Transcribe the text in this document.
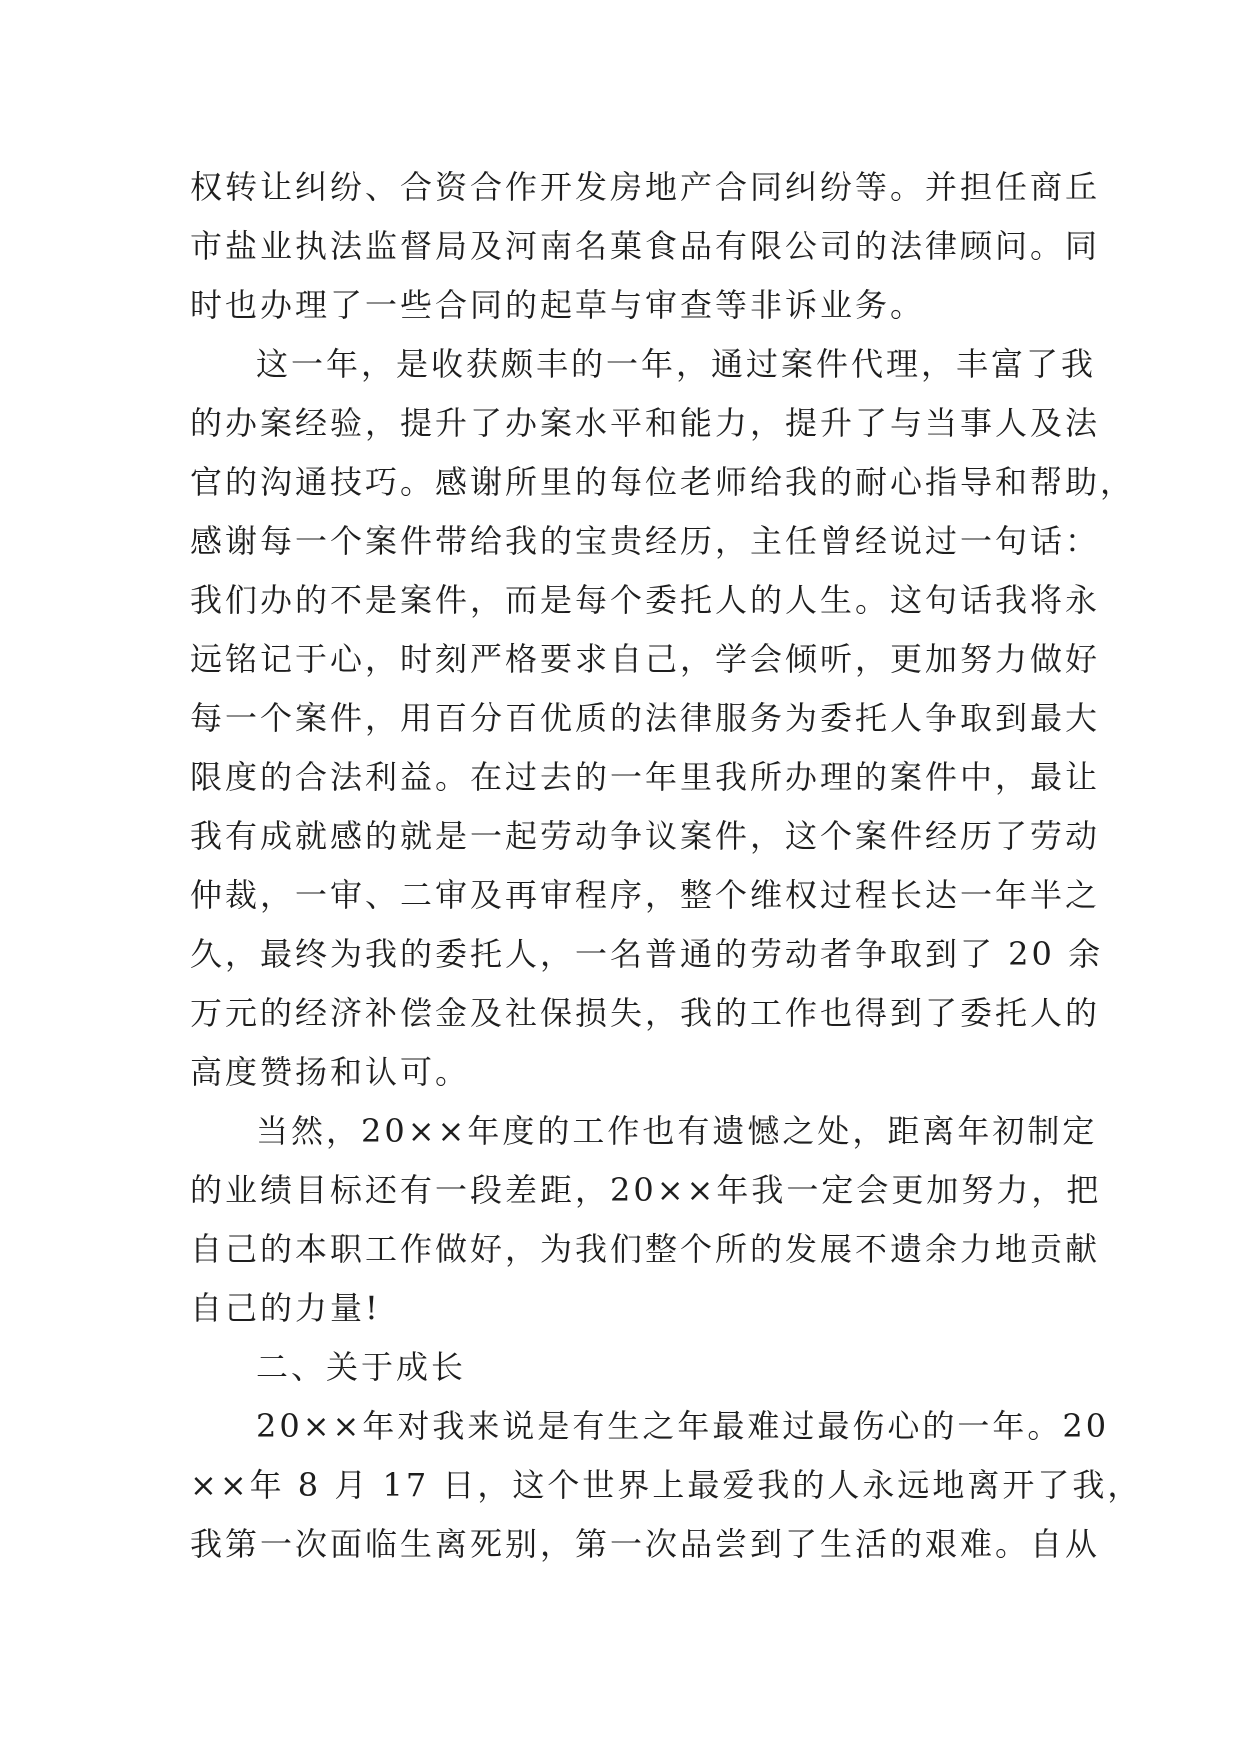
权转让纠纷、合资合作开发房地产合同纠纷等。并担任商丘
市盐业执法监督局及河南名菓食品有限公司的法律顾问。同
时也办理了一些合同的起草与审查等非诉业务。
这一年，是收获颇丰的一年，通过案件代理，丰富了我
的办案经验，提升了办案水平和能力，提升了与当事人及法
官的沟通技巧。感谢所里的每位老师给我的耐心指导和帮助，
感谢每一个案件带给我的宝贵经历，主任曾经说过一句话：
我们办的不是案件，而是每个委托人的人生。这句话我将永
远铭记于心，时刻严格要求自己，学会倾听，更加努力做好
每一个案件，用百分百优质的法律服务为委托人争取到最大
限度的合法利益。在过去的一年里我所办理的案件中，最让
我有成就感的就是一起劳动争议案件，这个案件经历了劳动
仲裁，一审、二审及再审程序，整个维权过程长达一年半之
久，最终为我的委托人，一名普通的劳动者争取到了 20 余
万元的经济补偿金及社保损失，我的工作也得到了委托人的
高度赞扬和认可。
当然，20××年度的工作也有遗憾之处，距离年初制定
的业绩目标还有一段差距，20××年我一定会更加努力，把
自己的本职工作做好，为我们整个所的发展不遗余力地贡献
自己的力量!
二、关于成长
20××年对我来说是有生之年最难过最伤心的一年。20
××年 8 月 17 日，这个世界上最爱我的人永远地离开了我，
我第一次面临生离死别，第一次品尝到了生活的艰难。自从
